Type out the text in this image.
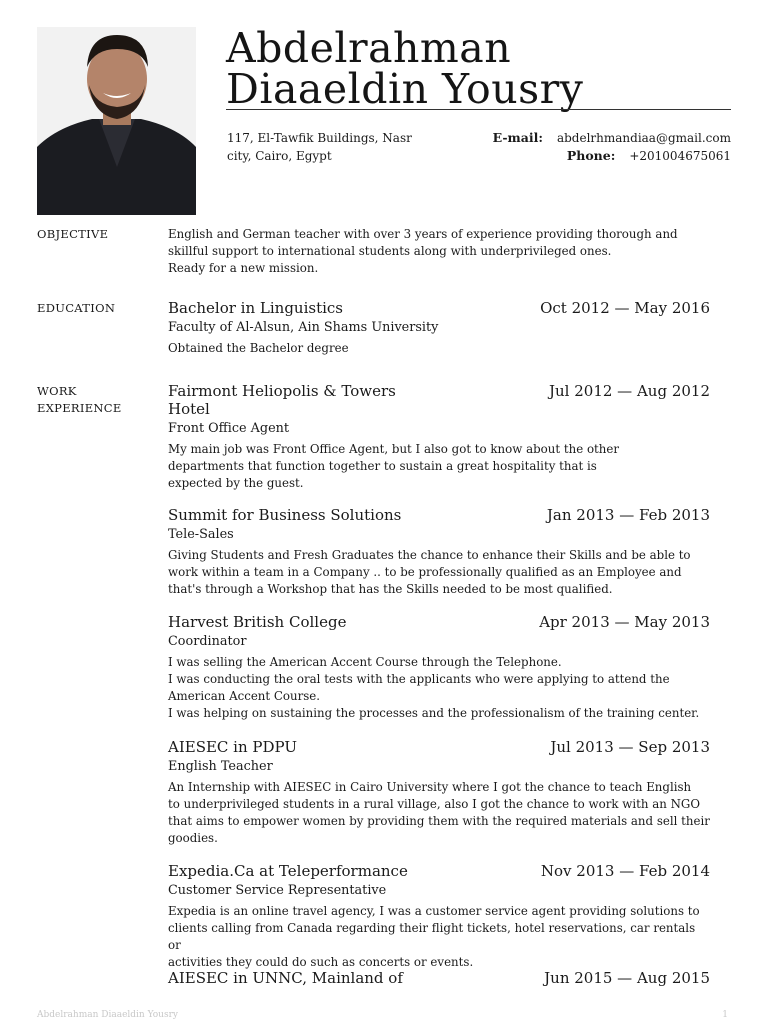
Abdelrahman
Diaaeldin Yousry
117, El-Tawfik Buildings, Nasr
city, Cairo, Egypt
E-mail: abdelrhmandiaa@gmail.com
Phone: +201004675061
OBJECTIVE	English and German teacher with over 3 years of experience providing thorough and
skillful support to international students along with underprivileged ones.
Ready for a new mission.
EDUCATION	Bachelor in Linguistics	Oct 2012 — May 2016
Faculty of Al-Alsun, Ain Shams University
Obtained the Bachelor degree
WORK
EXPERIENCE
Fairmont Heliopolis & Towers Hotel
Jul 2012 — Aug 2012
Front Office Agent
My main job was Front Office Agent, but I also got to know about the other
departments that function together to sustain a great hospitality that is
expected by the guest.
Summit for Business Solutions	Jan 2013 — Feb 2013
Tele-Sales
Giving Students and Fresh Graduates the chance to enhance their Skills and be able to
work within a team in a Company .. to be professionally qualified as an Employee and
that's through a Workshop that has the Skills needed to be most qualified.
Harvest British College	Apr 2013 — May 2013
Coordinator
I was selling the American Accent Course through the Telephone.
I was conducting the oral tests with the applicants who were applying to attend the
American Accent Course.
I was helping on sustaining the processes and the professionalism of the training center.
AIESEC in PDPU	Jul 2013 — Sep 2013
English Teacher
An Internship with AIESEC in Cairo University where I got the chance to teach English
to underprivileged students in a rural village, also I got the chance to work with an NGO
that aims to empower women by providing them with the required materials and sell their
goodies.
Expedia.Ca at Teleperformance	Nov 2013 — Feb 2014
Customer Service Representative
Expedia is an online travel agency, I was a customer service agent providing solutions to
clients calling from Canada regarding their flight tickets, hotel reservations, car rentals or
activities they could do such as concerts or events.
AIESEC in UNNC, Mainland of	Jun 2015 — Aug 2015
Abdelrahman Diaaeldin Yousry	1
